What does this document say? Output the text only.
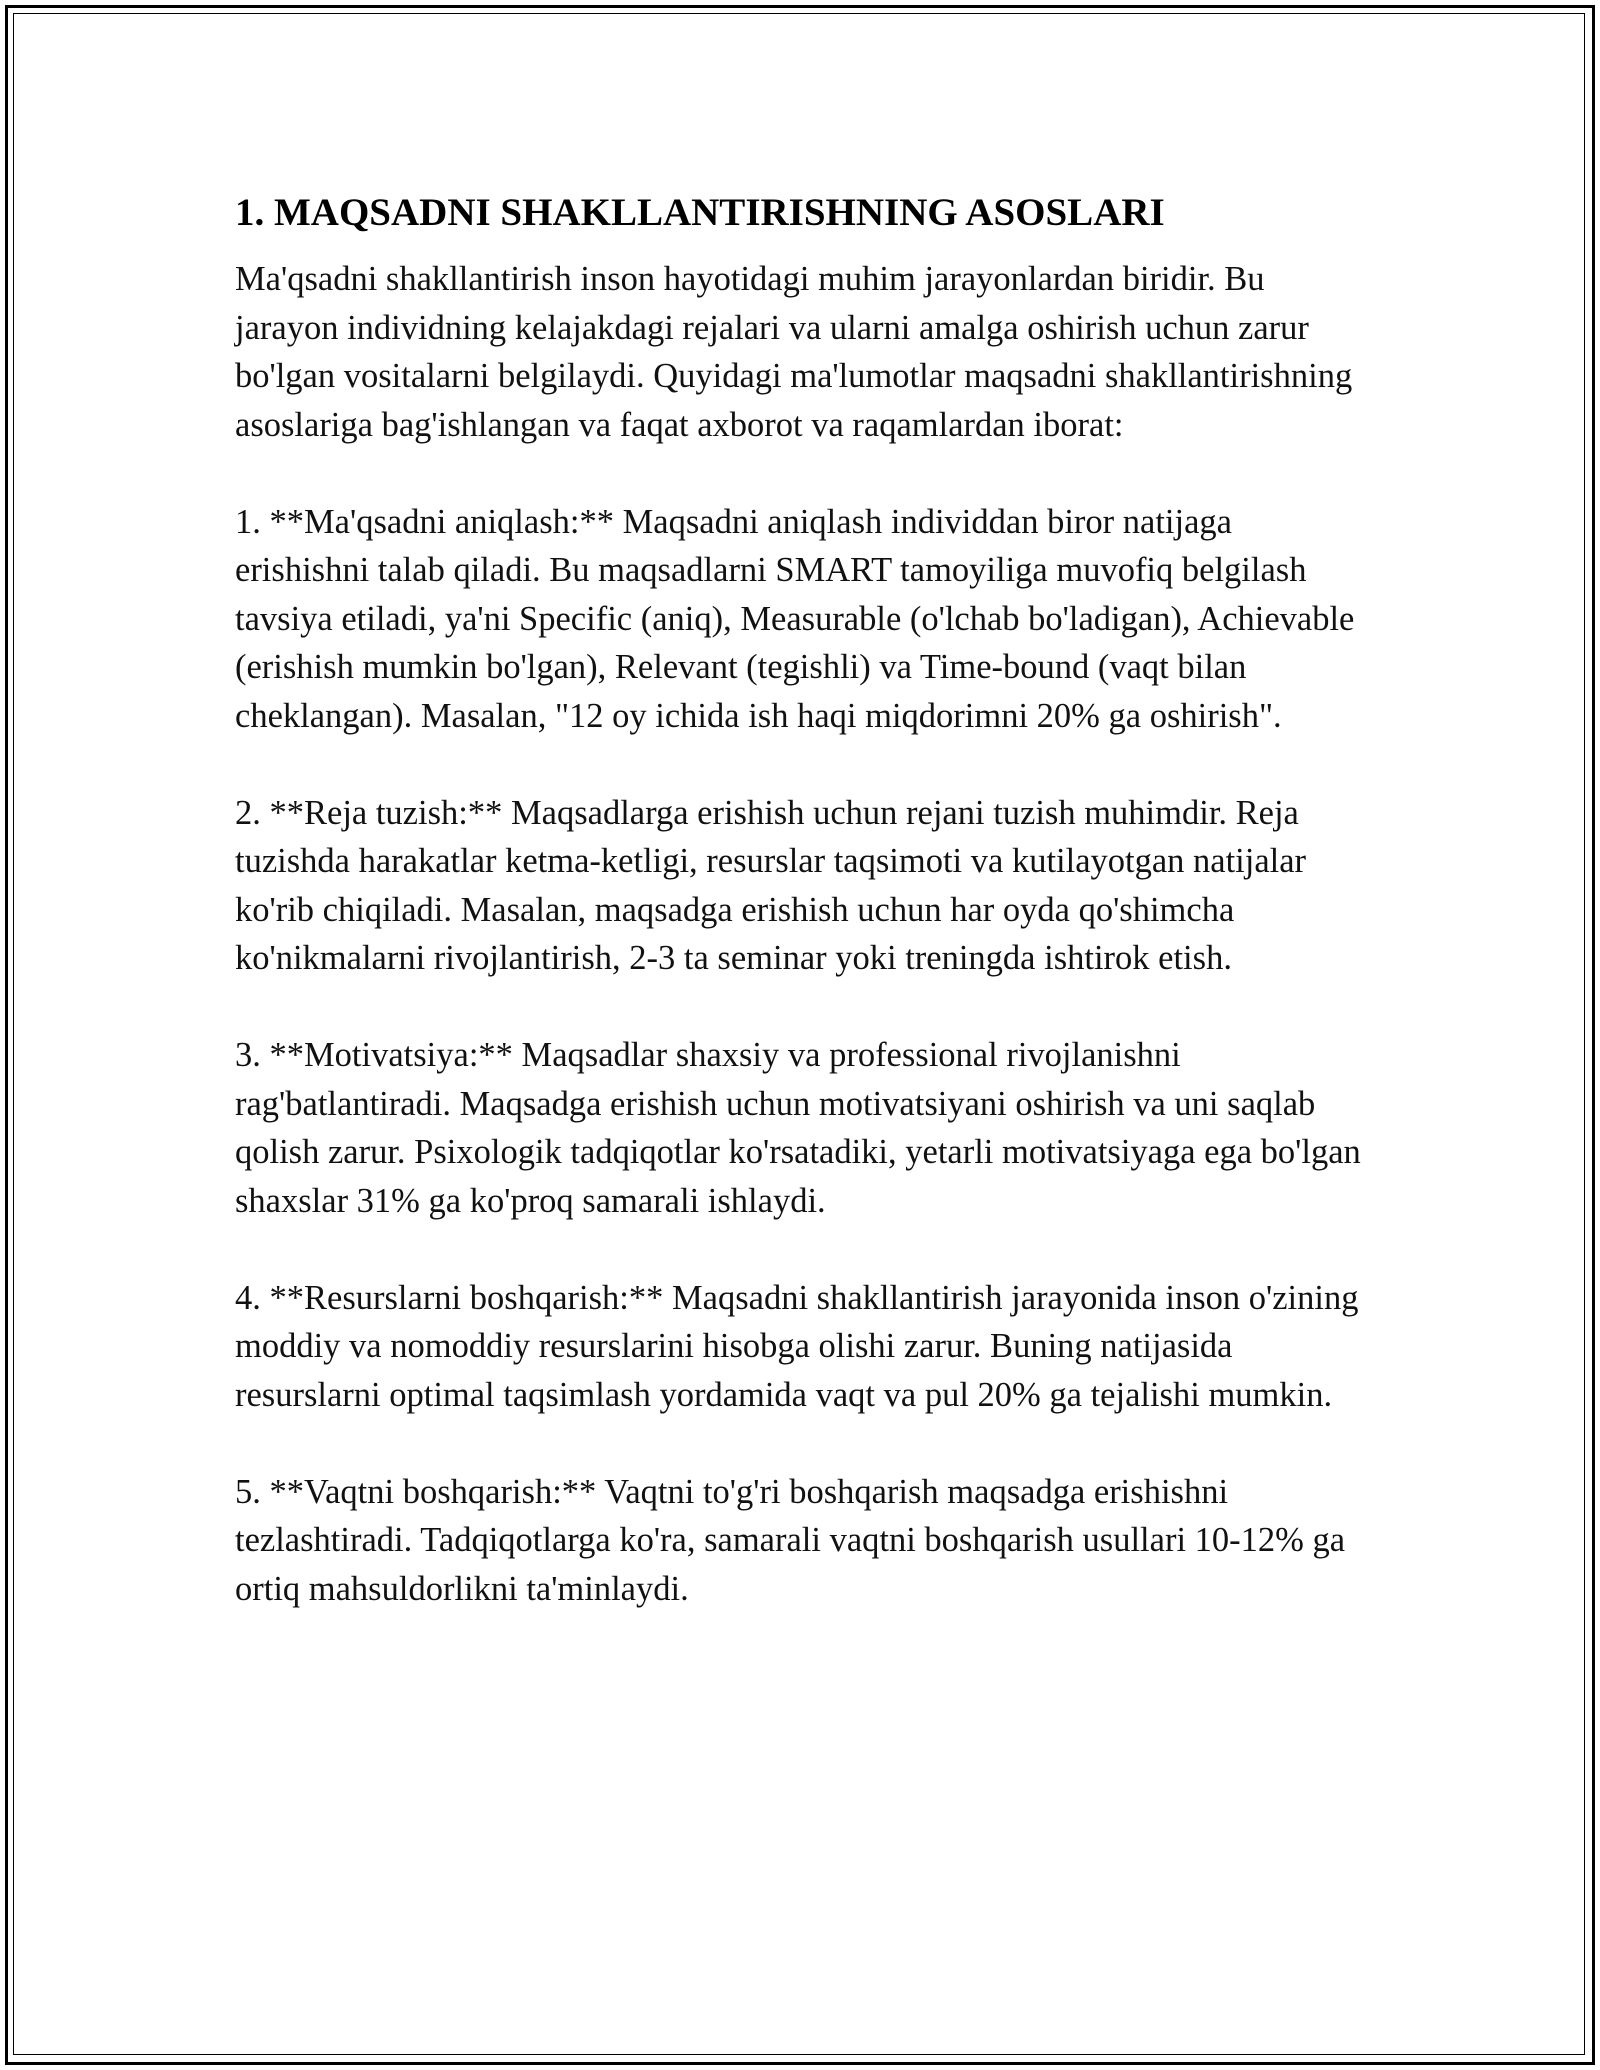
1. MAQSADNI SHAKLLANTIRISHNING ASOSLARI

Ma'qsadni shakllantirish inson hayotidagi muhim jarayonlardan biridir. Bu jarayon individning kelajakdagi rejalari va ularni amalga oshirish uchun zarur bo'lgan vositalarni belgilaydi. Quyidagi ma'lumotlar maqsadni shakllantirishning asoslariga bag'ishlangan va faqat axborot va raqamlardan iborat:

1. **Ma'qsadni aniqlash:** Maqsadni aniqlash individdan biror natijaga erishishni talab qiladi. Bu maqsadlarni SMART tamoyiliga muvofiq belgilash tavsiya etiladi, ya'ni Specific (aniq), Measurable (o'lchab bo'ladigan), Achievable (erishish mumkin bo'lgan), Relevant (tegishli) va Time-bound (vaqt bilan cheklangan). Masalan, "12 oy ichida ish haqi miqdorimni 20% ga oshirish".

2. **Reja tuzish:** Maqsadlarga erishish uchun rejani tuzish muhimdir. Reja tuzishda harakatlar ketma-ketligi, resurslar taqsimoti va kutilayotgan natijalar ko'rib chiqiladi. Masalan, maqsadga erishish uchun har oyda qo'shimcha ko'nikmalarni rivojlantirish, 2-3 ta seminar yoki treningda ishtirok etish.

3. **Motivatsiya:** Maqsadlar shaxsiy va professional rivojlanishni rag'batlantiradi. Maqsadga erishish uchun motivatsiyani oshirish va uni saqlab qolish zarur. Psixologik tadqiqotlar ko'rsatadiki, yetarli motivatsiyaga ega bo'lgan shaxslar 31% ga ko'proq samarali ishlaydi.

4. **Resurslarni boshqarish:** Maqsadni shakllantirish jarayonida inson o'zining moddiy va nomoddiy resurslarini hisobga olishi zarur. Buning natijasida resurslarni optimal taqsimlash yordamida vaqt va pul 20% ga tejalishi mumkin.

5. **Vaqtni boshqarish:** Vaqtni to'g'ri boshqarish maqsadga erishishni tezlashtiradi. Tadqiqotlarga ko'ra, samarali vaqtni boshqarish usullari 10-12% ga ortiq mahsuldorlikni ta'minlaydi.
